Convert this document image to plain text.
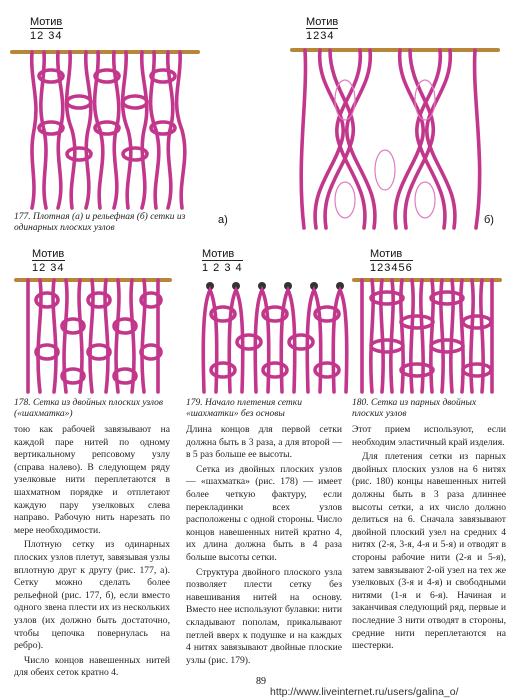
Мотив
12 34
177. Плотная (а) и рельефная (б) сетки из одинарных плоских узлов
а)
Мотив
1234
б)
Мотив
12 34
178. Сетка из двойных плоских узлов («шахматка»)
Мотив
1 2 3 4
179. Начало плетения сетки «шахматки» без основы
Мотив
123456
180. Сетка из парных двойных плоских узлов

тою как рабочей завязывают на каждой паре нитей по одному вертикальному репсовому узлу (справа налево). В следующем ряду узелковые нити переплетаются в шахматном порядке и отплетают каждую пару узелковых слева направо. Рабочую нить нарезать по мере необходимости.

Плотную сетку из одинарных плоских узлов плетут, завязывая узлы вплотную друг к другу (рис. 177, а). Сетку можно сделать более рельефной (рис. 177, б), если вместо одного звена плести их из нескольких узлов (их должно быть достаточно, чтобы цепочка повернулась на ребро).

Число концов навешенных нитей для обеих сеток кратно 4.

Длина концов для первой сетки должна быть в 3 раза, а для второй — в 5 раз больше ее высоты.

Сетка из двойных плоских узлов — «шахматка» (рис. 178) — имеет более четкую фактуру, если перекладинки всех узлов расположены с одной стороны. Число концов навешенных нитей кратно 4, их длина должна быть в 4 раза больше высоты сетки.

Структура двойного плоского узла позволяет плести сетку без навешивания нитей на основу. Вместо нее используют булавки: нити складывают пополам, прикалывают петлей вверх к подушке и на каждых 4 нитях завязывают двойные плоские узлы (рис. 179).

Этот прием используют, если необходим эластичный край изделия.

Для плетения сетки из парных двойных плоских узлов на 6 нитях (рис. 180) концы навешенных нитей должны быть в 3 раза длиннее высоты сетки, а их число должно делиться на 6. Сначала завязывают двойной плоский узел на средних 4 нитях (2-я, 3-я, 4-я и 5-я) и отводят в стороны рабочие нити (2-я и 5-я), затем завязывают 2-ой узел на тех же узелковых (3-я и 4-я) и свободными нитями (1-я и 6-я). Начиная и заканчивая следующий ряд, первые и последние 3 нити отводят в стороны, средние нити переплетаются на шестерки.

89
http://www.liveinternet.ru/users/galina_o/
